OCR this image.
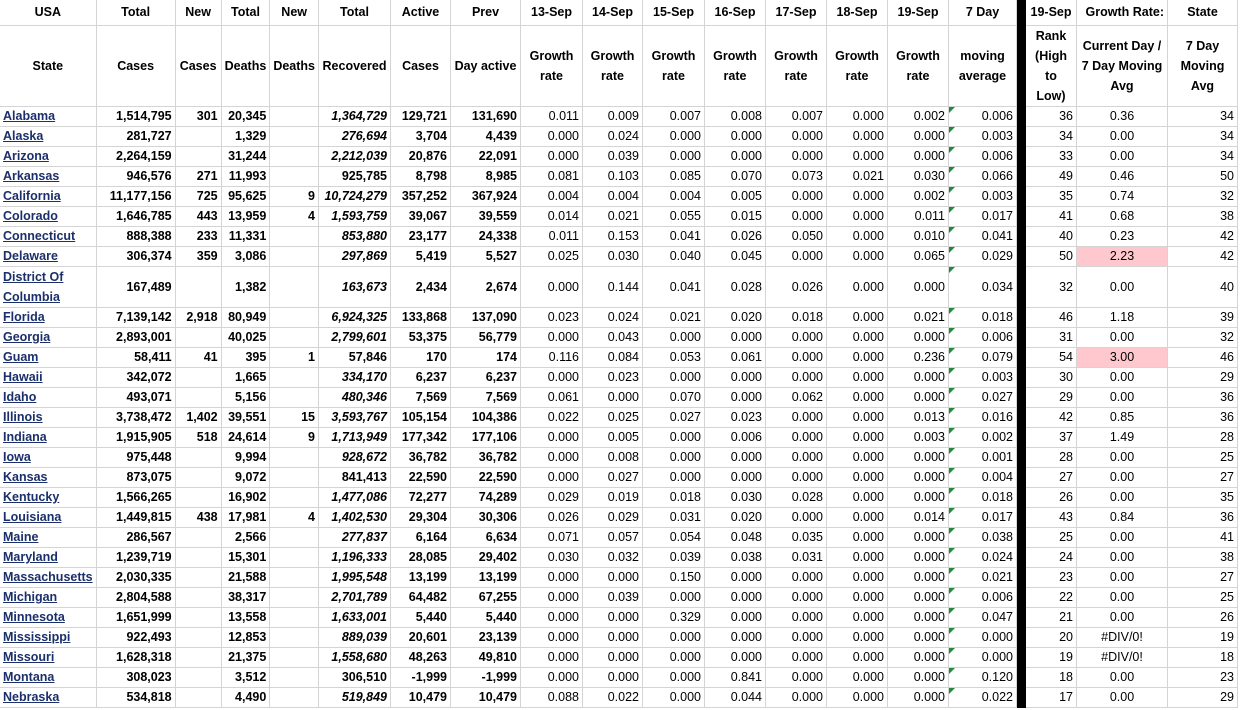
USA	Total	New	Total	New	Total	Active	Prev	13-Sep	14-Sep	15-Sep	16-Sep	17-Sep	18-Sep	19-Sep	7 Day		19-Sep	Growth Rate:	State
State	Cases	Cases	Deaths	Deaths	Recovered	Cases	Day active	Growth rate	Growth rate	Growth rate	Growth rate	Growth rate	Growth rate	Growth rate	moving average		Rank (High to Low)	Current Day / 7 Day Moving Avg	7 Day Moving Avg
Alabama	1,514,795	301	20,345		1,364,729	129,721	131,690	0.011	0.009	0.007	0.008	0.007	0.000	0.002	0.006		36	0.36	34
Alaska	281,727		1,329		276,694	3,704	4,439	0.000	0.024	0.000	0.000	0.000	0.000	0.000	0.003		34	0.00	34
Arizona	2,264,159		31,244		2,212,039	20,876	22,091	0.000	0.039	0.000	0.000	0.000	0.000	0.000	0.006		33	0.00	34
Arkansas	946,576	271	11,993		925,785	8,798	8,985	0.081	0.103	0.085	0.070	0.073	0.021	0.030	0.066		49	0.46	50
California	11,177,156	725	95,625	9	10,724,279	357,252	367,924	0.004	0.004	0.004	0.005	0.000	0.000	0.002	0.003		35	0.74	32
Colorado	1,646,785	443	13,959	4	1,593,759	39,067	39,559	0.014	0.021	0.055	0.015	0.000	0.000	0.011	0.017		41	0.68	38
Connecticut	888,388	233	11,331		853,880	23,177	24,338	0.011	0.153	0.041	0.026	0.050	0.000	0.010	0.041		40	0.23	42
Delaware	306,374	359	3,086		297,869	5,419	5,527	0.025	0.030	0.040	0.045	0.000	0.000	0.065	0.029		50	2.23	42
District Of Columbia	167,489		1,382		163,673	2,434	2,674	0.000	0.144	0.041	0.028	0.026	0.000	0.000	0.034		32	0.00	40
Florida	7,139,142	2,918	80,949		6,924,325	133,868	137,090	0.023	0.024	0.021	0.020	0.018	0.000	0.021	0.018		46	1.18	39
Georgia	2,893,001		40,025		2,799,601	53,375	56,779	0.000	0.043	0.000	0.000	0.000	0.000	0.000	0.006		31	0.00	32
Guam	58,411	41	395	1	57,846	170	174	0.116	0.084	0.053	0.061	0.000	0.000	0.236	0.079		54	3.00	46
Hawaii	342,072		1,665		334,170	6,237	6,237	0.000	0.023	0.000	0.000	0.000	0.000	0.000	0.003		30	0.00	29
Idaho	493,071		5,156		480,346	7,569	7,569	0.061	0.000	0.070	0.000	0.062	0.000	0.000	0.027		29	0.00	36
Illinois	3,738,472	1,402	39,551	15	3,593,767	105,154	104,386	0.022	0.025	0.027	0.023	0.000	0.000	0.013	0.016		42	0.85	36
Indiana	1,915,905	518	24,614	9	1,713,949	177,342	177,106	0.000	0.005	0.000	0.006	0.000	0.000	0.003	0.002		37	1.49	28
Iowa	975,448		9,994		928,672	36,782	36,782	0.000	0.008	0.000	0.000	0.000	0.000	0.000	0.001		28	0.00	25
Kansas	873,075		9,072		841,413	22,590	22,590	0.000	0.027	0.000	0.000	0.000	0.000	0.000	0.004		27	0.00	27
Kentucky	1,566,265		16,902		1,477,086	72,277	74,289	0.029	0.019	0.018	0.030	0.028	0.000	0.000	0.018		26	0.00	35
Louisiana	1,449,815	438	17,981	4	1,402,530	29,304	30,306	0.026	0.029	0.031	0.020	0.000	0.000	0.014	0.017		43	0.84	36
Maine	286,567		2,566		277,837	6,164	6,634	0.071	0.057	0.054	0.048	0.035	0.000	0.000	0.038		25	0.00	41
Maryland	1,239,719		15,301		1,196,333	28,085	29,402	0.030	0.032	0.039	0.038	0.031	0.000	0.000	0.024		24	0.00	38
Massachusetts	2,030,335		21,588		1,995,548	13,199	13,199	0.000	0.000	0.150	0.000	0.000	0.000	0.000	0.021		23	0.00	27
Michigan	2,804,588		38,317		2,701,789	64,482	67,255	0.000	0.039	0.000	0.000	0.000	0.000	0.000	0.006		22	0.00	25
Minnesota	1,651,999		13,558		1,633,001	5,440	5,440	0.000	0.000	0.329	0.000	0.000	0.000	0.000	0.047		21	0.00	26
Mississippi	922,493		12,853		889,039	20,601	23,139	0.000	0.000	0.000	0.000	0.000	0.000	0.000	0.000		20	#DIV/0!	19
Missouri	1,628,318		21,375		1,558,680	48,263	49,810	0.000	0.000	0.000	0.000	0.000	0.000	0.000	0.000		19	#DIV/0!	18
Montana	308,023		3,512		306,510	-1,999	-1,999	0.000	0.000	0.000	0.841	0.000	0.000	0.000	0.120		18	0.00	23
Nebraska	534,818		4,490		519,849	10,479	10,479	0.088	0.022	0.000	0.044	0.000	0.000	0.000	0.022		17	0.00	29
